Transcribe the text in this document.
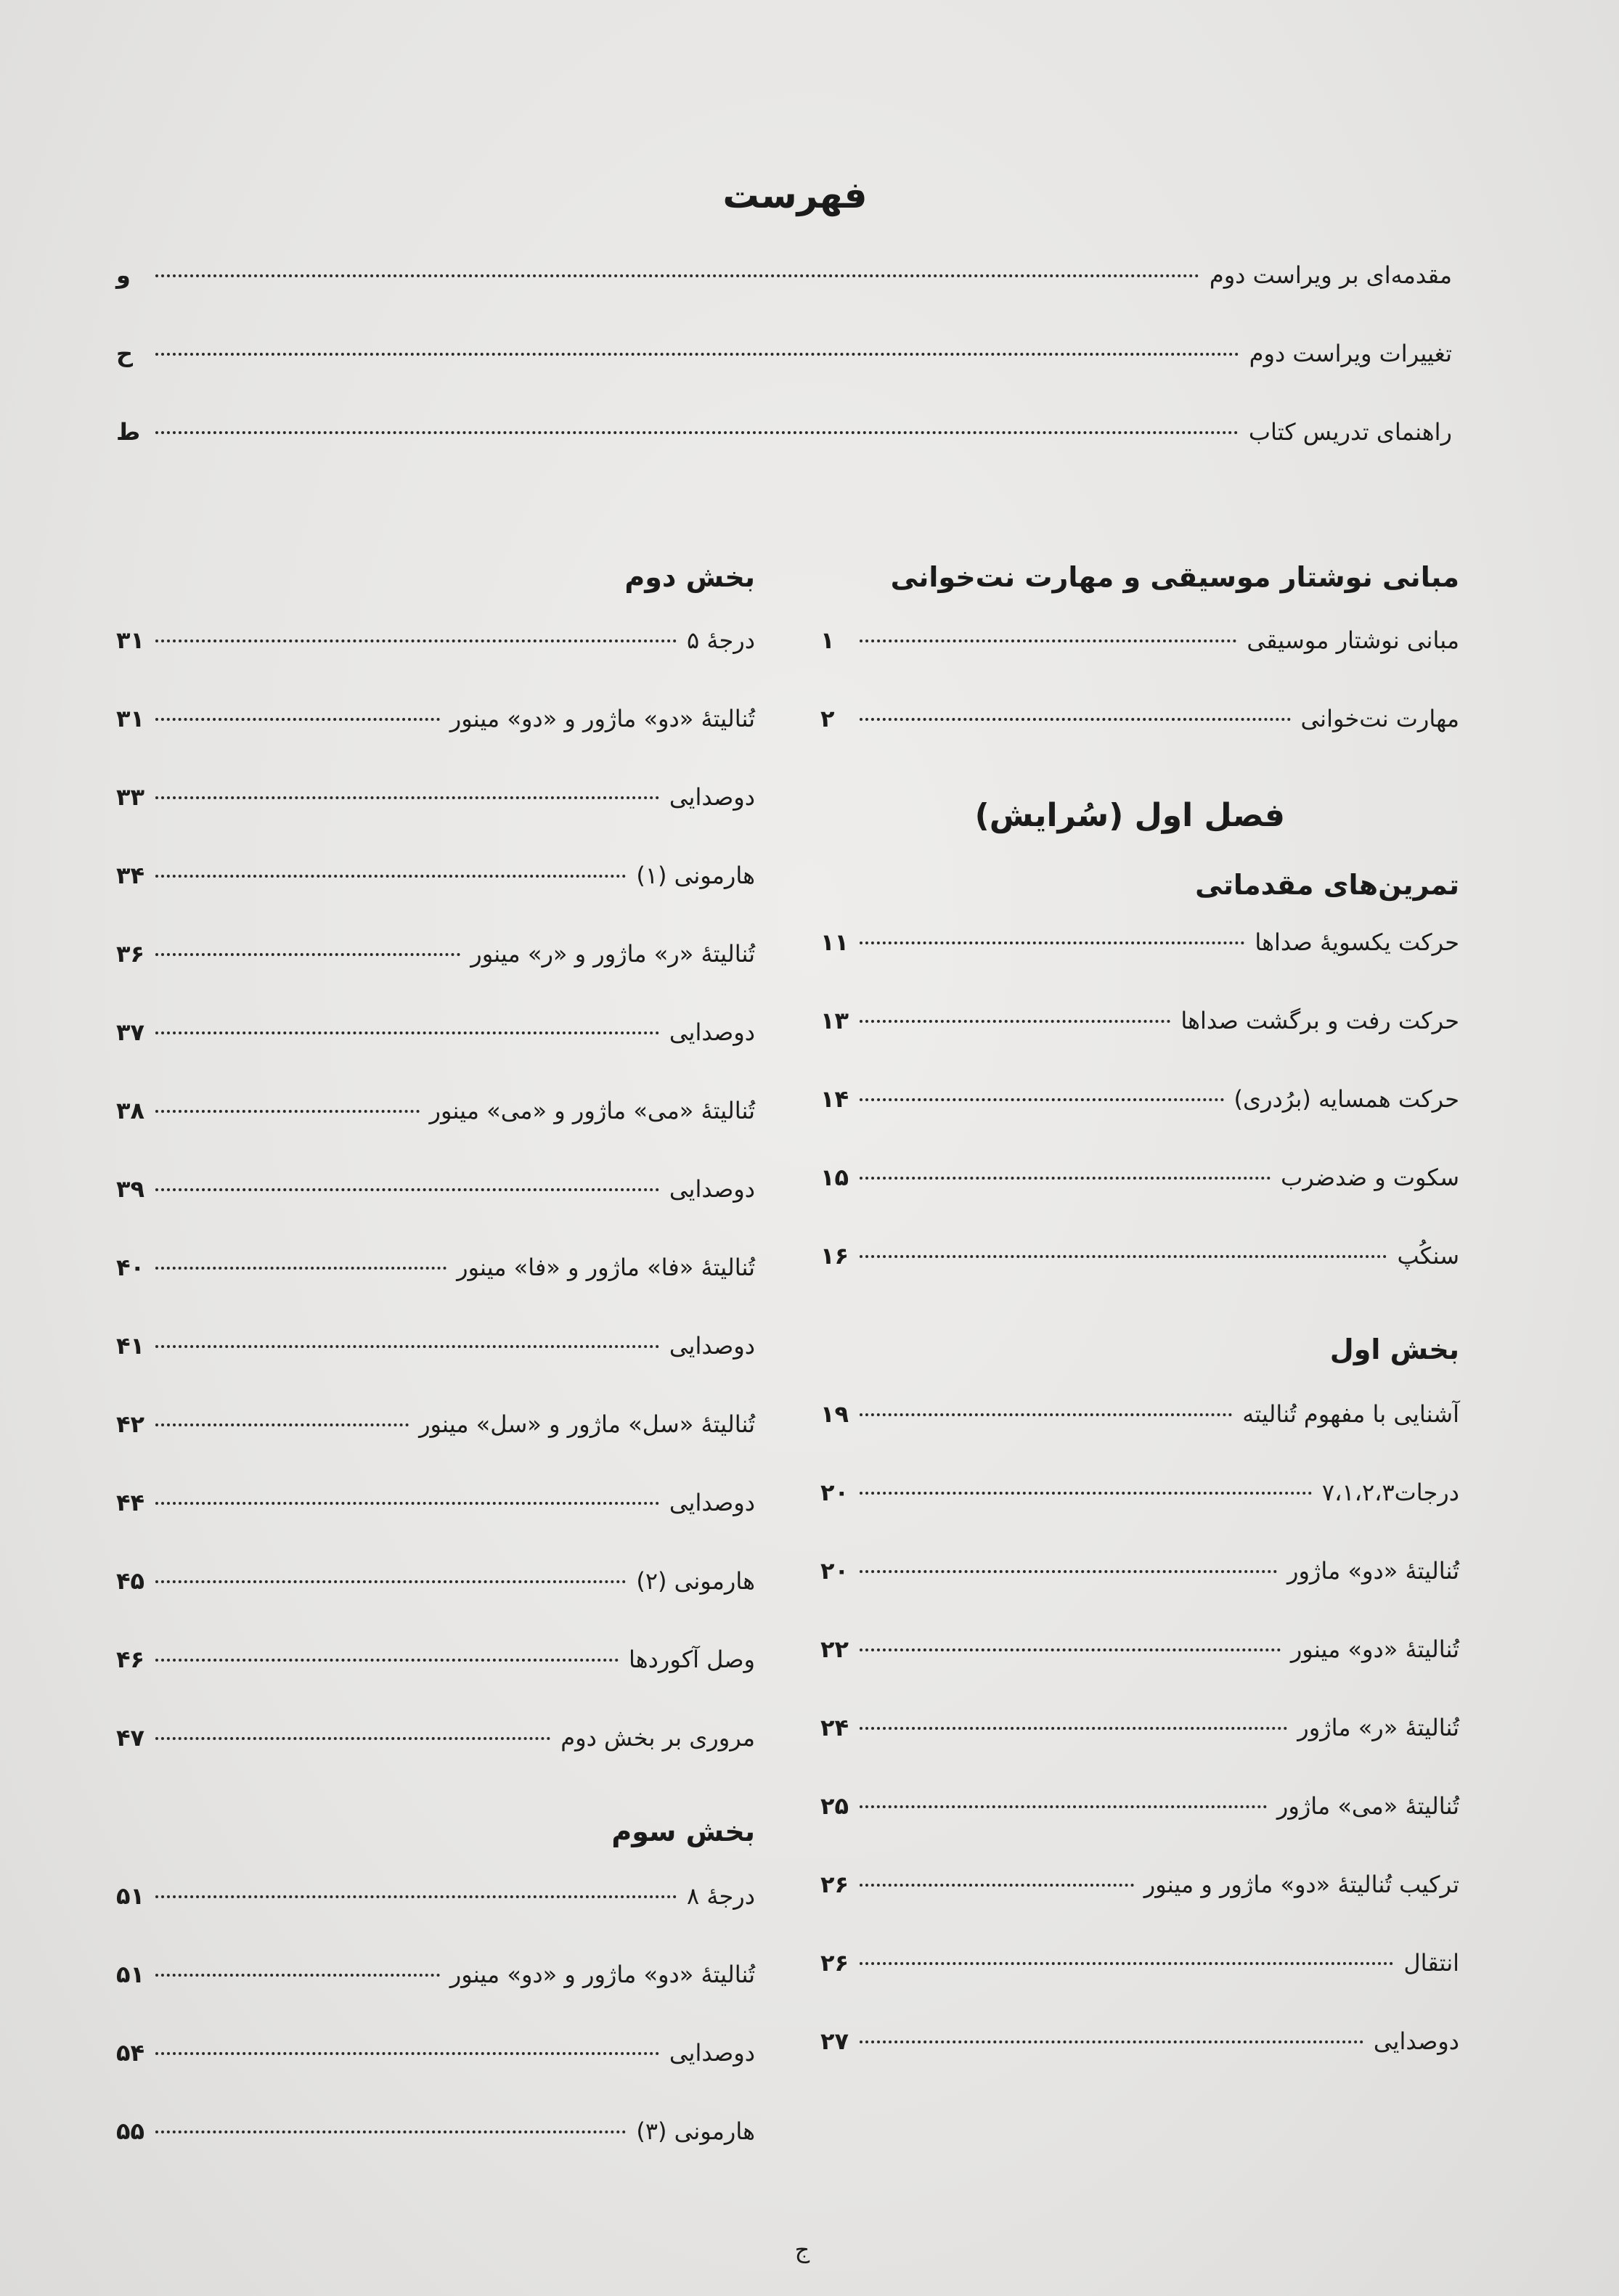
فهرست
مقدمه‌ای بر ویراست دوم
و
تغییرات ویراست دوم
ح
راهنمای تدریس کتاب
ط
مبانی نوشتار موسیقی و مهارت نت‌خوانی
مبانی نوشتار موسیقی
۱
مهارت نت‌خوانی
۲
فصل اول (سُرایش)
تمرین‌های مقدماتی
حرکت یکسویهٔ صداها
۱۱
حرکت رفت و برگشت صداها
۱۳
حرکت همسایه (برُدری)
۱۴
سکوت و ضدضرب
۱۵
سنکُپ
۱۶
بخش اول
آشنایی با مفهوم تُنالیته
۱۹
درجات۷،۱،۲،۳
۲۰
تُنالیتهٔ «دو» ماژور
۲۰
تُنالیتهٔ «دو» مینور
۲۲
تُنالیتهٔ «ر» ماژور
۲۴
تُنالیتهٔ «می» ماژور
۲۵
ترکیب تُنالیتهٔ «دو» ماژور و مینور
۲۶
انتقال
۲۶
دوصدایی
۲۷
بخش دوم
درجهٔ ۵
۳۱
تُنالیتهٔ «دو» ماژور و «دو» مینور
۳۱
دوصدایی
۳۳
هارمونی (۱)
۳۴
تُنالیتهٔ «ر» ماژور و «ر» مینور
۳۶
دوصدایی
۳۷
تُنالیتهٔ «می» ماژور و «می» مینور
۳۸
دوصدایی
۳۹
تُنالیتهٔ «فا» ماژور و «فا» مینور
۴۰
دوصدایی
۴۱
تُنالیتهٔ «سل» ماژور و «سل» مینور
۴۲
دوصدایی
۴۴
هارمونی (۲)
۴۵
وصل آکوردها
۴۶
مروری بر بخش دوم
۴۷
بخش سوم
درجهٔ ۸
۵۱
تُنالیتهٔ «دو» ماژور و «دو» مینور
۵۱
دوصدایی
۵۴
هارمونی (۳)
۵۵
ج
